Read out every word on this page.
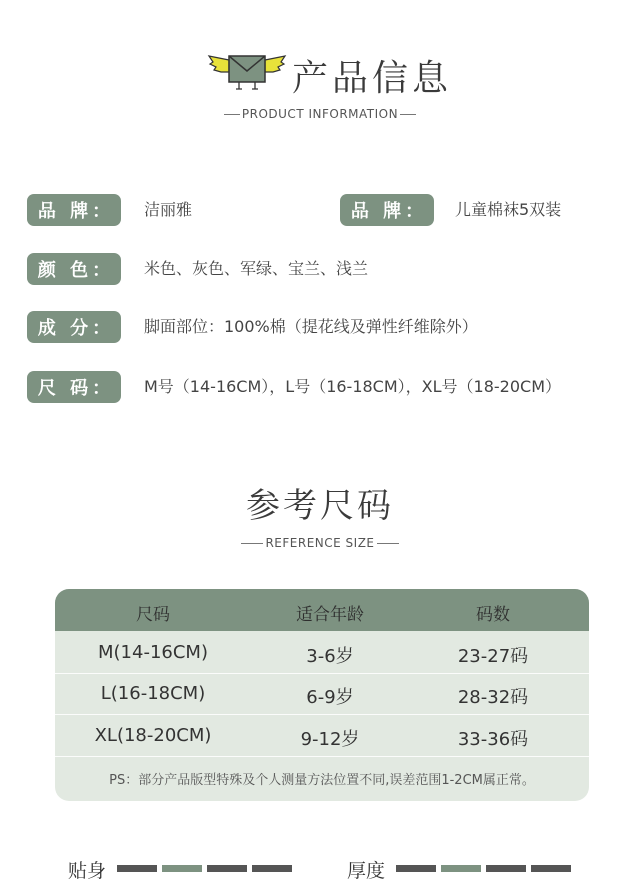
产品信息
PRODUCT INFORMATION
品 牌：	洁丽雅	品 牌：	儿童棉袜5双装
颜 色：	米色、灰色、军绿、宝兰、浅兰
成 分：	脚面部位：100%棉（提花线及弹性纤维除外）
尺 码：	M号（14-16CM），L号（16-18CM），XL号（18-20CM）
参考尺码
REFERENCE SIZE
尺码	适合年龄	码数
M(14-16CM)	3-6岁	23-27码
L(16-18CM)	6-9岁	28-32码
XL(18-20CM)	9-12岁	33-36码
PS：部分产品版型特殊及个人测量方法位置不同,误差范围1-2CM属正常。
贴身	厚度
